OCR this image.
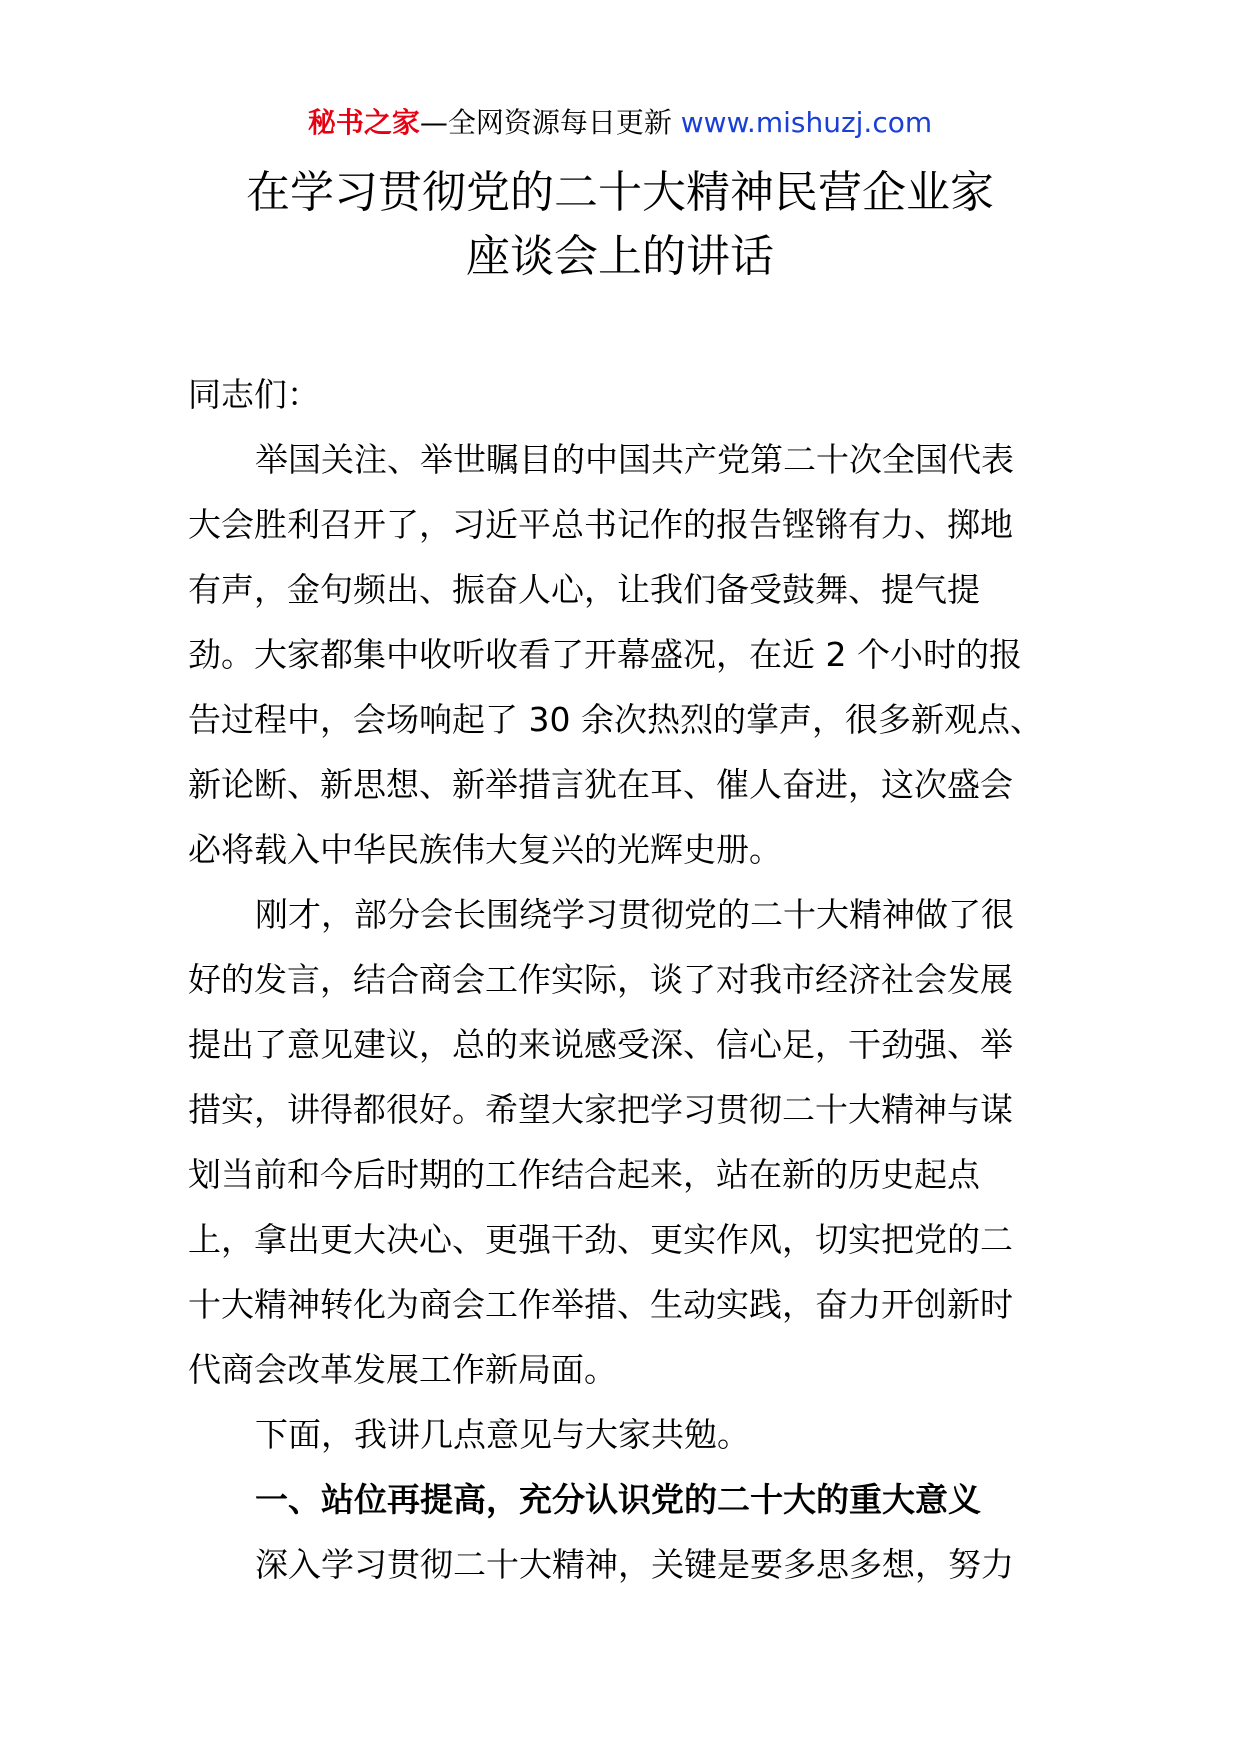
秘书之家—全网资源每日更新 www.mishuzj.com
在学习贯彻党的二十大精神民营企业家
座谈会上的讲话
同志们：
举国关注、举世瞩目的中国共产党第二十次全国代表
大会胜利召开了，习近平总书记作的报告铿锵有力、掷地
有声，金句频出、振奋人心，让我们备受鼓舞、提气提
劲。大家都集中收听收看了开幕盛况，在近 2 个小时的报
告过程中，会场响起了 30 余次热烈的掌声，很多新观点、
新论断、新思想、新举措言犹在耳、催人奋进，这次盛会
必将载入中华民族伟大复兴的光辉史册。
刚才，部分会长围绕学习贯彻党的二十大精神做了很
好的发言，结合商会工作实际，谈了对我市经济社会发展
提出了意见建议，总的来说感受深、信心足，干劲强、举
措实，讲得都很好。希望大家把学习贯彻二十大精神与谋
划当前和今后时期的工作结合起来，站在新的历史起点
上，拿出更大决心、更强干劲、更实作风，切实把党的二
十大精神转化为商会工作举措、生动实践，奋力开创新时
代商会改革发展工作新局面。
下面，我讲几点意见与大家共勉。
一、站位再提高，充分认识党的二十大的重大意义
深入学习贯彻二十大精神，关键是要多思多想，努力
